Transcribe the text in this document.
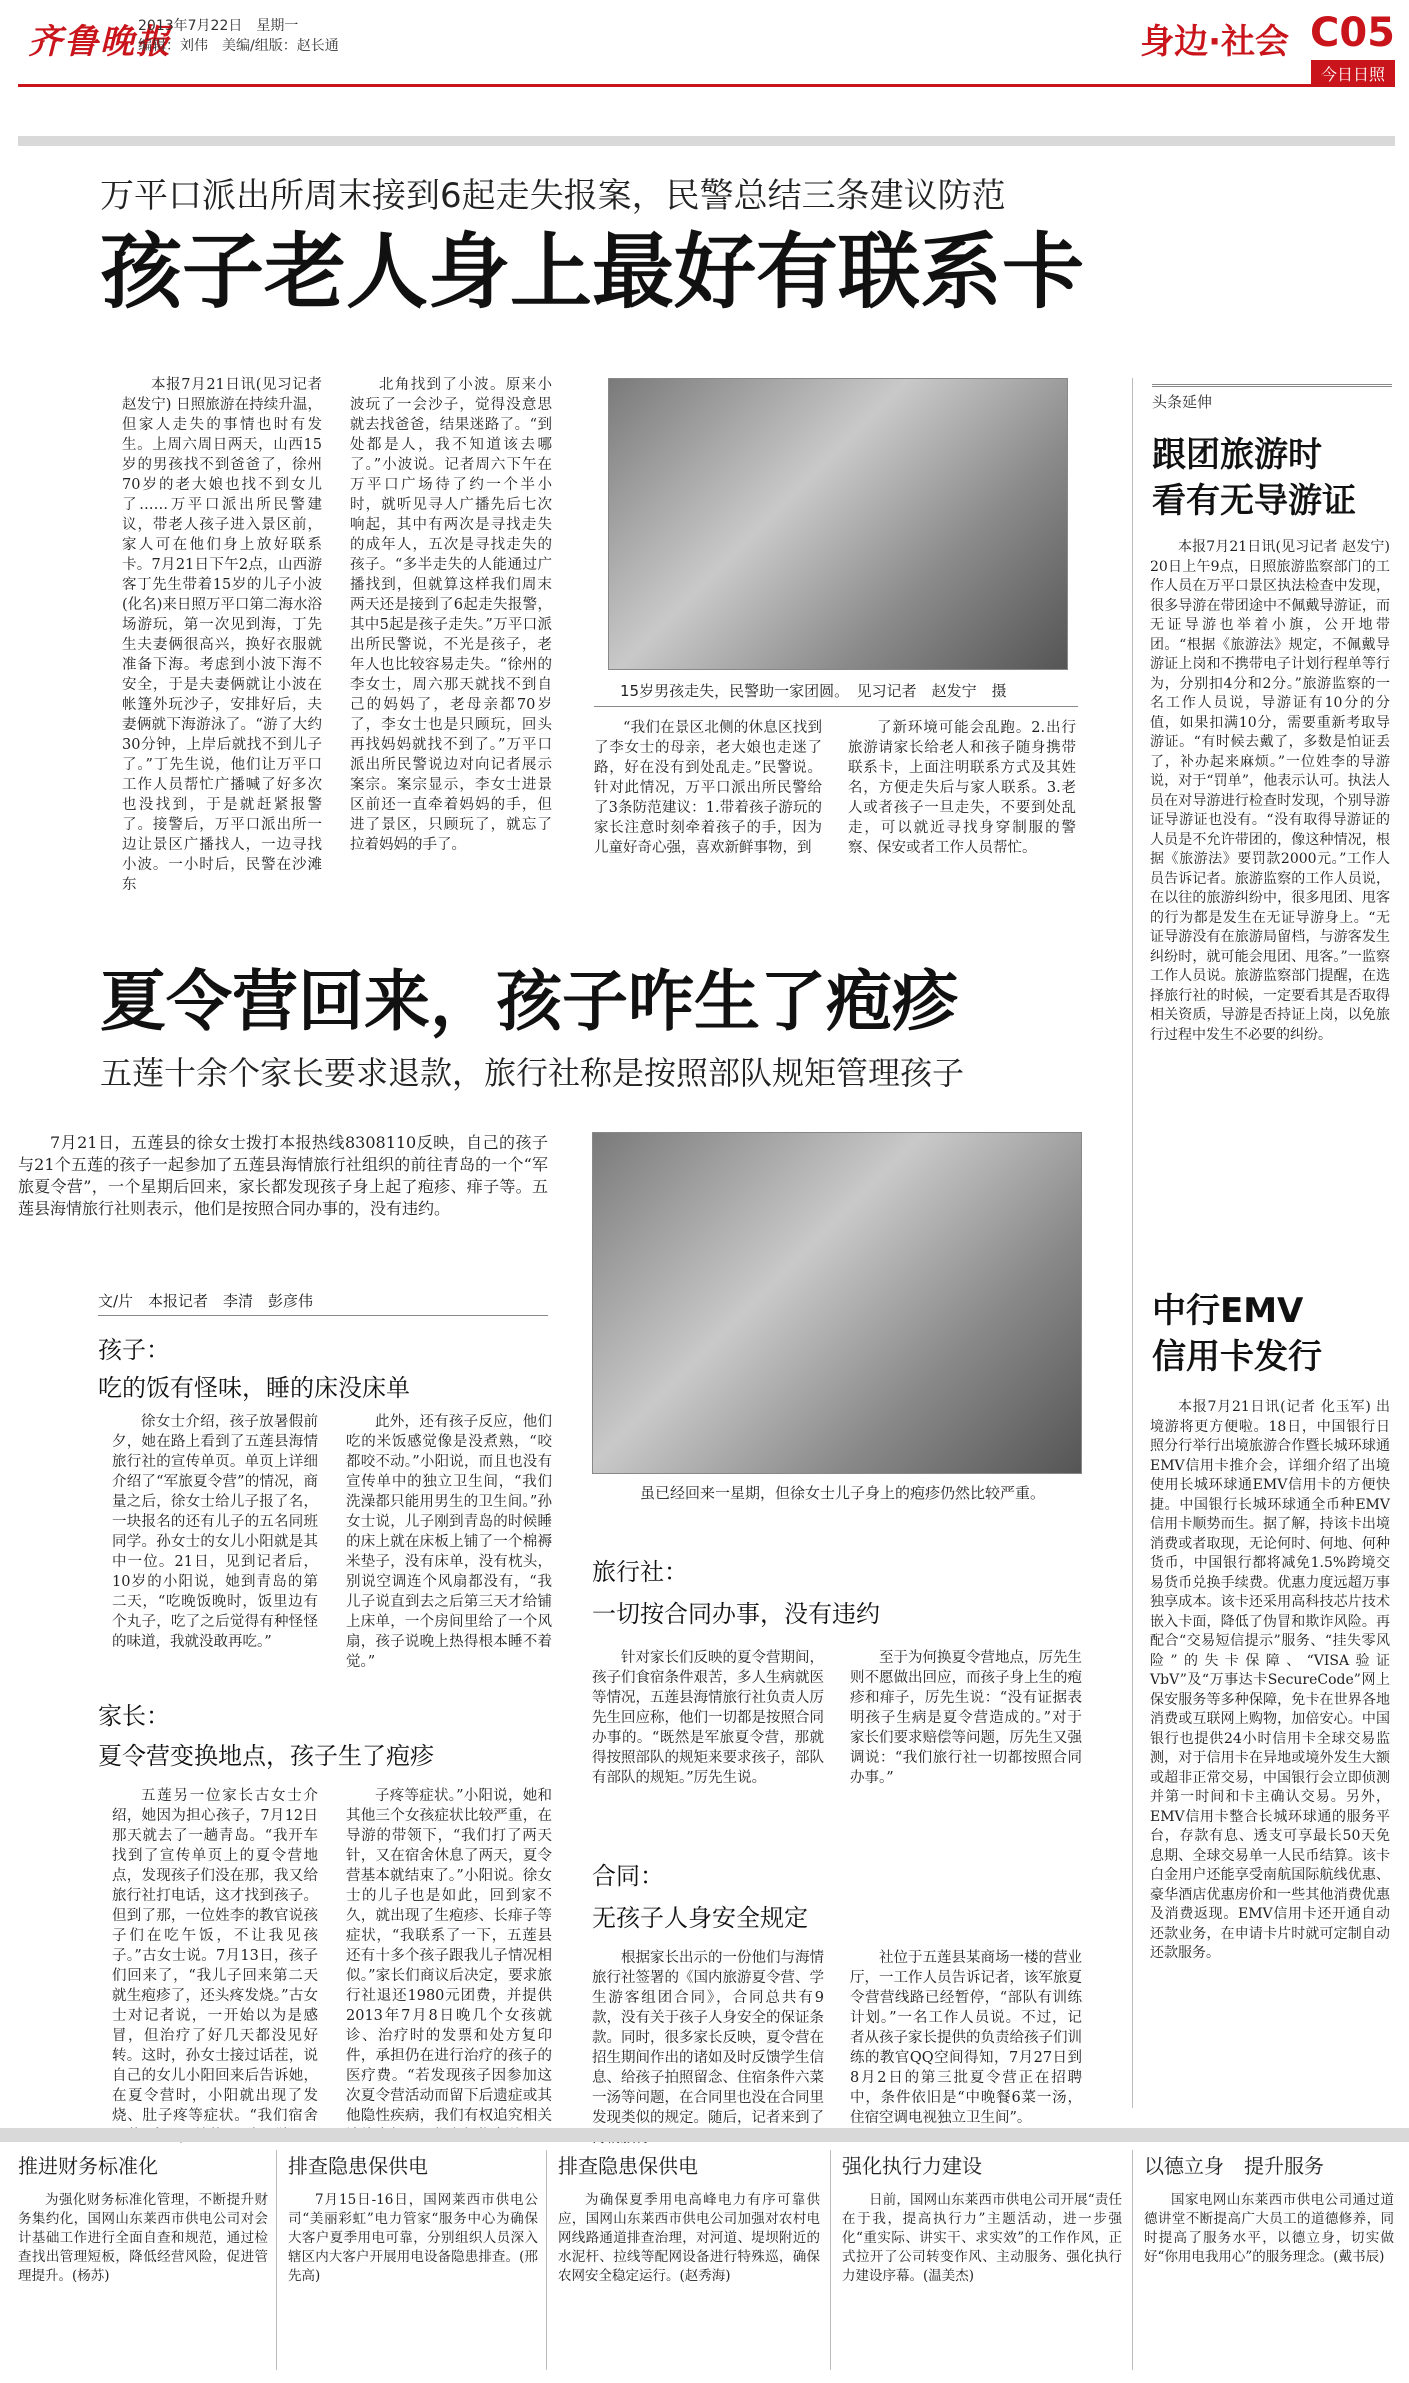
齐鲁晚报
2013年7月22日　星期一
编辑：刘伟　美编/组版：赵长通	身边·社会 C05
今日日照
万平口派出所周末接到6起走失报案，民警总结三条建议防范
孩子老人身上最好有联系卡

本报7月21日讯(见习记者 赵发宁) 日照旅游在持续升温，但家人走失的事情也时有发生。上周六周日两天，山西15岁的男孩找不到爸爸了，徐州70岁的老大娘也找不到女儿了……万平口派出所民警建议，带老人孩子进入景区前，家人可在他们身上放好联系卡。7月21日下午2点，山西游客丁先生带着15岁的儿子小波(化名)来日照万平口第二海水浴场游玩，第一次见到海，丁先生夫妻俩很高兴，换好衣服就准备下海。考虑到小波下海不安全，于是夫妻俩就让小波在帐篷外玩沙子，安排好后，夫妻俩就下海游泳了。“游了大约30分钟，上岸后就找不到儿子了。”丁先生说，他们让万平口工作人员帮忙广播喊了好多次也没找到，于是就赶紧报警了。接警后，万平口派出所一边让景区广播找人，一边寻找小波。一小时后，民警在沙滩东

北角找到了小波。原来小波玩了一会沙子，觉得没意思就去找爸爸，结果迷路了。“到处都是人，我不知道该去哪了。”小波说。记者周六下午在万平口广场待了约一个半小时，就听见寻人广播先后七次响起，其中有两次是寻找走失的成年人，五次是寻找走失的孩子。“多半走失的人能通过广播找到，但就算这样我们周末两天还是接到了6起走失报警，其中5起是孩子走失。”万平口派出所民警说，不光是孩子，老年人也比较容易走失。“徐州的李女士，周六那天就找不到自己的妈妈了，老母亲都70岁了，李女士也是只顾玩，回头再找妈妈就找不到了。”万平口派出所民警说边对向记者展示案宗。案宗显示，李女士进景区前还一直牵着妈妈的手，但进了景区，只顾玩了，就忘了拉着妈妈的手了。

15岁男孩走失，民警助一家团圆。　见习记者　赵发宁　摄

“我们在景区北侧的休息区找到了李女士的母亲，老大娘也走迷了路，好在没有到处乱走。”民警说。针对此情况，万平口派出所民警给了3条防范建议：1.带着孩子游玩的家长注意时刻牵着孩子的手，因为儿童好奇心强，喜欢新鲜事物，到

了新环境可能会乱跑。2.出行旅游请家长给老人和孩子随身携带联系卡，上面注明联系方式及其姓名，方便走失后与家人联系。3.老人或者孩子一旦走失，不要到处乱走，可以就近寻找身穿制服的警察、保安或者工作人员帮忙。

头条延伸
跟团旅游时
看有无导游证

本报7月21日讯(见习记者 赵发宁) 20日上午9点，日照旅游监察部门的工作人员在万平口景区执法检查中发现，很多导游在带团途中不佩戴导游证，而无证导游也举着小旗，公开地带团。“根据《旅游法》规定，不佩戴导游证上岗和不携带电子计划行程单等行为，分别扣4分和2分。”旅游监察的一名工作人员说，导游证有10分的分值，如果扣满10分，需要重新考取导游证。“有时候去戴了，多数是怕证丢了，补办起来麻烦。”一位姓李的导游说，对于“罚单”，他表示认可。执法人员在对导游进行检查时发现，个别导游证导游证也没有。“没有取得导游证的人员是不允许带团的，像这种情况，根据《旅游法》要罚款2000元。”工作人员告诉记者。旅游监察的工作人员说，在以往的旅游纠纷中，很多甩团、甩客的行为都是发生在无证导游身上。“无证导游没有在旅游局留档，与游客发生纠纷时，就可能会甩团、甩客。”一监察工作人员说。旅游监察部门提醒，在选择旅行社的时候，一定要看其是否取得相关资质，导游是否持证上岗，以免旅行过程中发生不必要的纠纷。

中行EMV
信用卡发行

本报7月21日讯(记者 化玉军) 出境游将更方便啦。18日，中国银行日照分行举行出境旅游合作暨长城环球通EMV信用卡推介会，详细介绍了出境使用长城环球通EMV信用卡的方便快捷。中国银行长城环球通全币种EMV信用卡顺势而生。据了解，持该卡出境消费或者取现，无论何时、何地、何种货币，中国银行都将减免1.5%跨境交易货币兑换手续费。优惠力度远超万事独享成本。该卡还采用高科技芯片技术嵌入卡面，降低了伪冒和欺诈风险。再配合“交易短信提示”服务、“挂失零风险”的失卡保障、“VISA验证VbV”及“万事达卡SecureCode”网上保安服务等多种保障，免卡在世界各地消费或互联网上购物，加倍安心。中国银行也提供24小时信用卡全球交易监测，对于信用卡在异地或境外发生大额或超非正常交易，中国银行会立即侦测并第一时间和卡主确认交易。另外，EMV信用卡整合长城环球通的服务平台，存款有息、透支可享最长50天免息期、全球交易单一人民币结算。该卡白金用户还能享受南航国际航线优惠、豪华酒店优惠房价和一些其他消费优惠及消费返现。EMV信用卡还开通自动还款业务，在申请卡片时就可定制自动还款服务。

夏令营回来，孩子咋生了疱疹
五莲十余个家长要求退款，旅行社称是按照部队规矩管理孩子

7月21日，五莲县的徐女士拨打本报热线8308110反映，自己的孩子与21个五莲的孩子一起参加了五莲县海情旅行社组织的前往青岛的一个“军旅夏令营”，一个星期后回来，家长都发现孩子身上起了疱疹、痱子等。五莲县海情旅行社则表示，他们是按照合同办事的，没有违约。

文/片　本报记者　李清　彭彦伟
虽已经回来一星期，但徐女士儿子身上的疱疹仍然比较严重。
孩子：
吃的饭有怪味，睡的床没床单

徐女士介绍，孩子放暑假前夕，她在路上看到了五莲县海情旅行社的宣传单页。单页上详细介绍了“军旅夏令营”的情况，商量之后，徐女士给儿子报了名，一块报名的还有儿子的五名同班同学。孙女士的女儿小阳就是其中一位。21日，见到记者后，10岁的小阳说，她到青岛的第二天，“吃晚饭晚时，饭里边有个丸子，吃了之后觉得有种怪怪的味道，我就没敢再吃。”

此外，还有孩子反应，他们吃的米饭感觉像是没煮熟，“咬都咬不动。”小阳说，而且也没有宣传单中的独立卫生间，“我们洗澡都只能用男生的卫生间。”孙女士说，儿子刚到青岛的时候睡的床上就在床板上铺了一个棉褥米垫子，没有床单，没有枕头，别说空调连个风扇都没有，“我儿子说直到去之后第三天才给铺上床单，一个房间里给了一个风扇，孩子说晚上热得根本睡不着觉。”

家长：
夏令营变换地点，孩子生了疱疹

五莲另一位家长古女士介绍，她因为担心孩子，7月12日那天就去了一趟青岛。“我开车找到了宣传单页上的夏令营地点，发现孩子们没在那，我又给旅行社打电话，这才找到孩子。但到了那，一位姓李的教官说孩子们在吃午饭，不让我见孩子。”古女士说。7月13日，孩子们回来了，“我儿子回来第二天就生疱疹了，还头疼发烧。”古女士对记者说，一开始以为是感冒，但治疗了好几天都没见好转。这时，孙女士接过话茬，说自己的女儿小阳回来后告诉她，在夏令营时，小阳就出现了发烧、肚子疼等症状。“我们宿舍

子疼等症状。”小阳说，她和其他三个女孩症状比较严重，在导游的带领下，“我们打了两天针，又在宿舍休息了两天，夏令营基本就结束了。”小阳说。徐女士的儿子也是如此，回到家不久，就出现了生疱疹、长痱子等症状，“我联系了一下，五莲县还有十多个孩子跟我儿子情况相似。”家长们商议后决定，要求旅行社退还1980元团费，并提供2013年7月8日晚几个女孩就诊、治疗时的发票和处方复印件，承担仍在进行治疗的孩子的医疗费。“若发现孩子因参加这次夏令营活动而留下后遗症或其他隐性疾病，我们有权追究相关

旅行社：
一切按合同办事，没有违约

针对家长们反映的夏令营期间，孩子们食宿条件艰苦，多人生病就医等情况，五莲县海情旅行社负责人厉先生回应称，他们一切都是按照合同办事的。“既然是军旅夏令营，那就得按照部队的规矩来要求孩子，部队有部队的规矩。”厉先生说。

至于为何换夏令营地点，厉先生则不愿做出回应，而孩子身上生的疱疹和痱子，厉先生说：“没有证据表明孩子生病是夏令营造成的。”对于家长们要求赔偿等问题，厉先生又强调说：“我们旅行社一切都按照合同办事。”

合同：
无孩子人身安全规定

根据家长出示的一份他们与海情旅行社签署的《国内旅游夏令营、学生游客组团合同》，合同总共有9款，没有关于孩子人身安全的保证条款。同时，很多家长反映，夏令营在招生期间作出的诸如及时反馈学生信息、给孩子拍照留念、住宿条件六菜一汤等问题，在合同里也没在合同里发现类似的规定。随后，记者来到了

社位于五莲县某商场一楼的营业厅，一工作人员告诉记者，该军旅夏令营营线路已经暂停，“部队有训练计划。”一名工作人员说。不过，记者从孩子家长提供的负责给孩子们训练的教官QQ空间得知，7月27日到8月2日的第三批夏令营正在招聘中，条件依旧是“中晚餐6菜一汤，住宿空调电视独立卫生间”。

推进财务标准化
为强化财务标准化管理，不断提升财务集约化，国网山东莱西市供电公司对会计基础工作进行全面自查和规范，通过检查找出管理短板，降低经营风险，促进管理提升。(杨苏)
排查隐患保供电
7月15日-16日，国网莱西市供电公司“美丽彩虹”电力管家“服务中心为确保大客户夏季用电可靠，分别组织人员深入辖区内大客户开展用电设备隐患排查。(邢先高)
排查隐患保供电
为确保夏季用电高峰电力有序可靠供应，国网山东莱西市供电公司加强对农村电网线路通道排查治理，对河道、堤坝附近的水泥杆、拉线等配网设备进行特殊巡，确保农网安全稳定运行。(赵秀海)
强化执行力建设
日前，国网山东莱西市供电公司开展“责任在于我，提高执行力”主题活动，进一步强化“重实际、讲实干、求实效”的工作作风，正式拉开了公司转变作风、主动服务、强化执行力建设序幕。(温美杰)
以德立身　提升服务
国家电网山东莱西市供电公司通过道德讲堂不断提高广大员工的道德修养，同时提高了服务水平，以德立身，切实做好“你用电我用心”的服务理念。(戴书辰)
